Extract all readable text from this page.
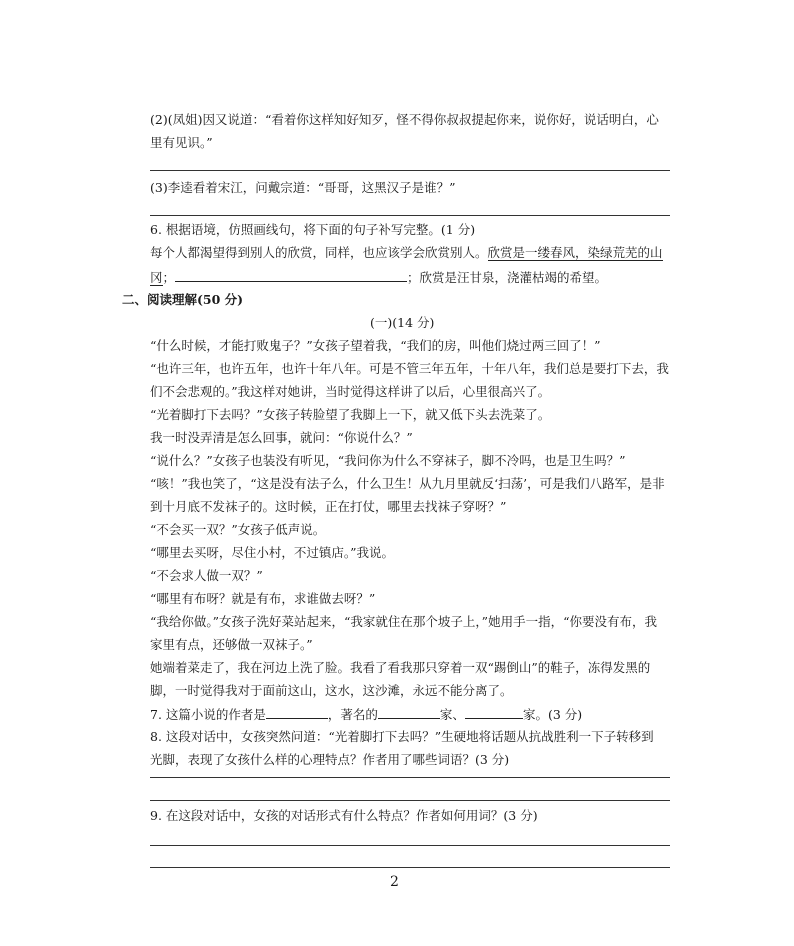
(2)(凤姐)因又说道：“看着你这样知好知歹，怪不得你叔叔提起你来，说你好，说话明白，心
里有见识。”
(3)李逵看着宋江，问戴宗道：“哥哥，这黑汉子是谁？”
6. 根据语境，仿照画线句，将下面的句子补写完整。(1 分)
每个人都渴望得到别人的欣赏，同样，也应该学会欣赏别人。欣赏是一缕春风，染绿荒芜的山
冈；	；欣赏是汪甘泉，浇灌枯竭的希望。
二、阅读理解(50 分)
(一)(14 分)
“什么时候，才能打败鬼子？”女孩子望着我，“我们的房，叫他们烧过两三回了！”
“也许三年，也许五年，也许十年八年。可是不管三年五年，十年八年，我们总是要打下去，我
们不会悲观的。”我这样对她讲，当时觉得这样讲了以后，心里很高兴了。
“光着脚打下去吗？”女孩子转脸望了我脚上一下，就又低下头去洗菜了。
我一时没弄清是怎么回事，就问：“你说什么？”
“说什么？”女孩子也装没有听见，“我问你为什么不穿袜子，脚不冷吗，也是卫生吗？”
“咳！”我也笑了，“这是没有法子么，什么卫生！从九月里就反‘扫荡’，可是我们八路军，是非
到十月底不发袜子的。这时候，正在打仗，哪里去找袜子穿呀？”
“不会买一双？”女孩子低声说。
“哪里去买呀，尽住小村，不过镇店。”我说。
“不会求人做一双？”
“哪里有布呀？就是有布，求谁做去呀？”
“我给你做。”女孩子洗好菜站起来，“我家就住在那个坡子上，”她用手一指，“你要没有布，我
家里有点，还够做一双袜子。”
她端着菜走了，我在河边上洗了脸。我看了看我那只穿着一双“踢倒山”的鞋子，冻得发黑的
脚，一时觉得我对于面前这山，这水，这沙滩，永远不能分离了。
7. 这篇小说的作者是	，著名的	家、	家。(3 分)
8. 这段对话中，女孩突然问道：“光着脚打下去吗？”生硬地将话题从抗战胜利一下子转移到
光脚，表现了女孩什么样的心理特点？作者用了哪些词语？(3 分)
9. 在这段对话中，女孩的对话形式有什么特点？作者如何用词？(3 分)
2
